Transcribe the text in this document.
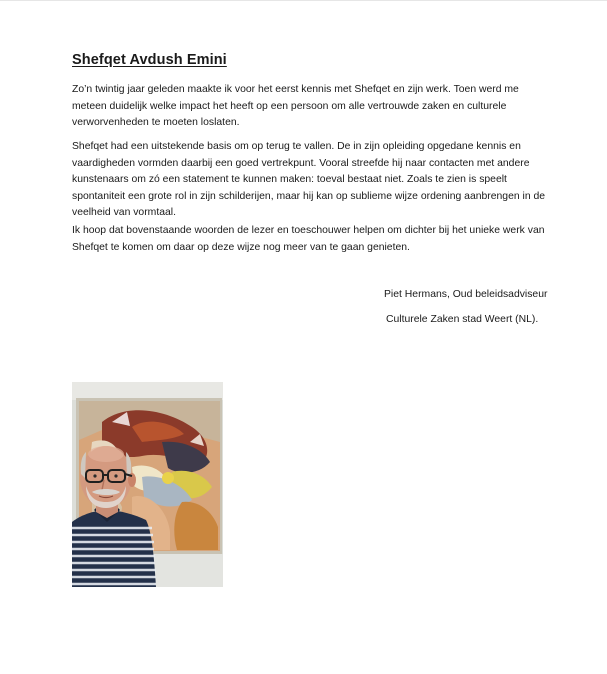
Shefqet Avdush Emini

Zo’n twintig jaar geleden maakte ik voor het eerst kennis met Shefqet en zijn werk. Toen werd me meteen duidelijk welke impact het heeft op een persoon om alle vertrouwde zaken en culturele verworvenheden te moeten loslaten.

Shefqet had een uitstekende basis om op terug te vallen. De in zijn opleiding opgedane kennis en vaardigheden vormden daarbij een goed vertrekpunt. Vooral streefde hij naar contacten met andere kunstenaars om zó een statement te kunnen maken: toeval bestaat niet. Zoals te zien is speelt spontaniteit een grote rol in zijn schilderijen, maar hij kan op sublieme wijze ordening aanbrengen in de veelheid van vormtaal.

Ik hoop dat bovenstaande woorden de lezer en toeschouwer helpen om dichter bij het unieke werk van Shefqet te komen om daar op deze wijze nog meer van te gaan genieten.

Piet Hermans, Oud beleidsadviseur

Culturele Zaken stad Weert (NL).
